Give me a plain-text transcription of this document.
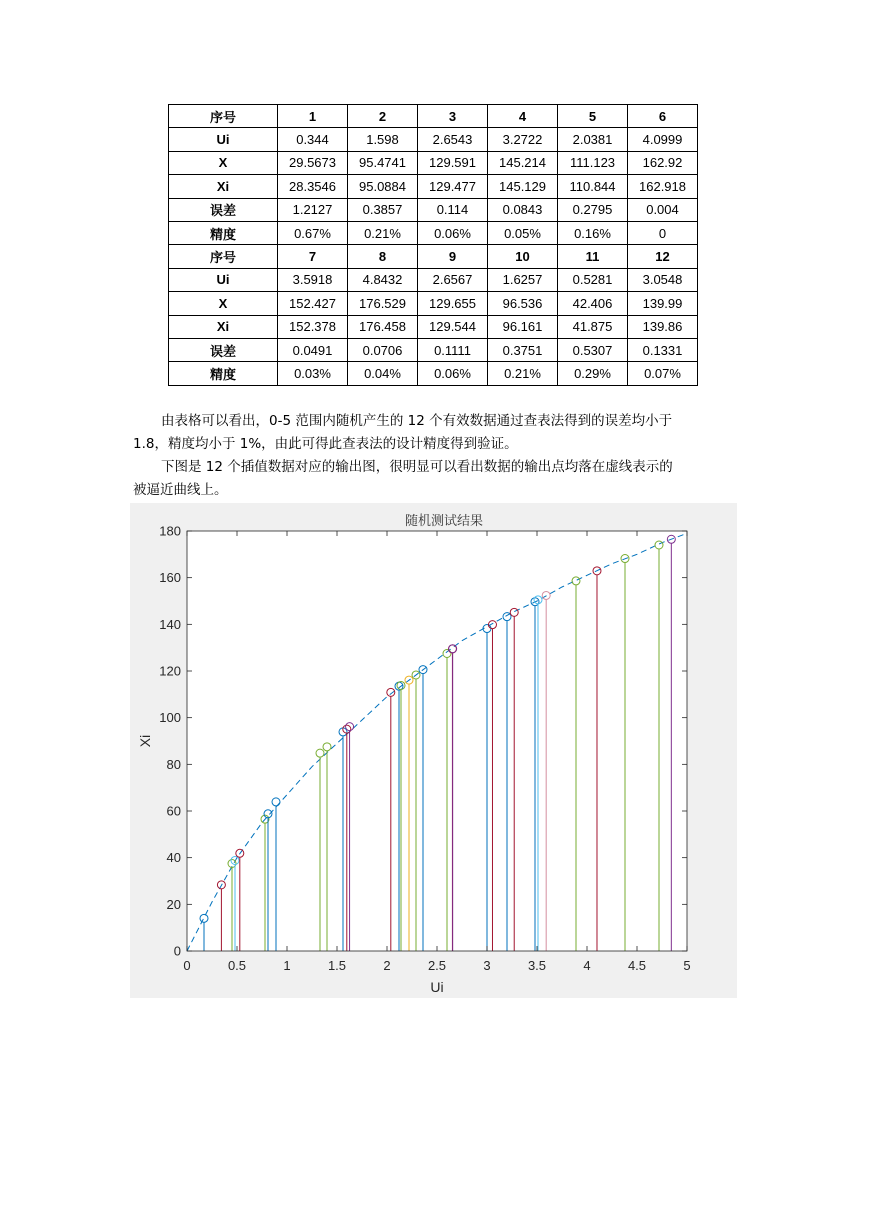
序号	1	2	3	4	5	6
Ui	0.344	1.598	2.6543	3.2722	2.0381	4.0999
X	29.5673	95.4741	129.591	145.214	111.123	162.92
Xi	28.3546	95.0884	129.477	145.129	110.844	162.918
误差	1.2127	0.3857	0.114	0.0843	0.2795	0.004
精度	0.67%	0.21%	0.06%	0.05%	0.16%	0
序号	7	8	9	10	11	12
Ui	3.5918	4.8432	2.6567	1.6257	0.5281	3.0548
X	152.427	176.529	129.655	96.536	42.406	139.99
Xi	152.378	176.458	129.544	96.161	41.875	139.86
误差	0.0491	0.0706	0.1111	0.3751	0.5307	0.1331
精度	0.03%	0.04%	0.06%	0.21%	0.29%	0.07%

由表格可以看出，0-5 范围内随机产生的 12 个有效数据通过查表法得到的误差均小于
1.8，精度均小于 1%，由此可得此查表法的设计精度得到验证。

下图是 12 个插值数据对应的输出图，很明显可以看出数据的输出点均落在虚线表示的
被逼近曲线上。

随机测试结果
0	0.5	1	1.5	2	2.5	3	3.5	4	4.5	5
0
20
40
60
80
100
120
140
160
180
Ui
Xi
